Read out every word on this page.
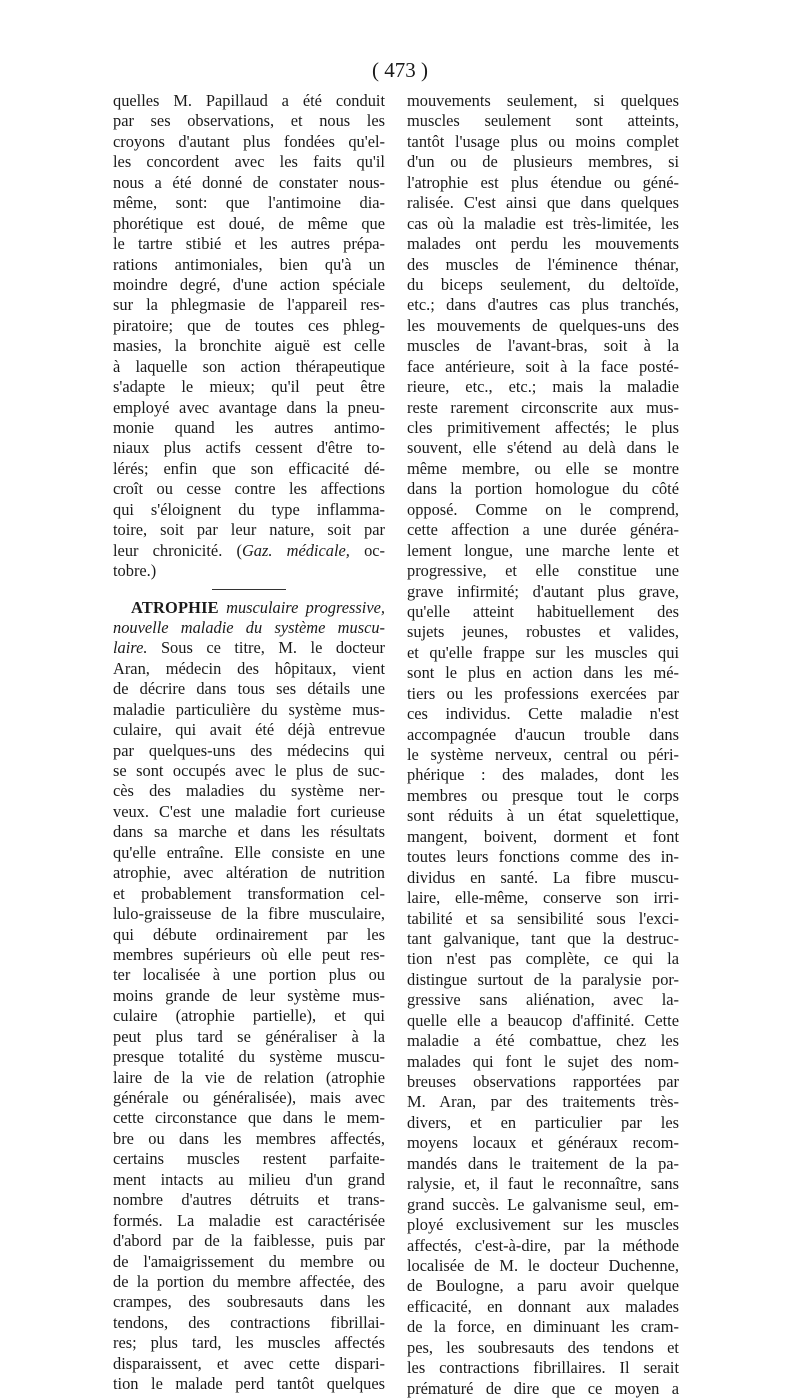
( 473 )
quelles M. Papillaud a été conduit
par ses observations, et nous les
croyons d'autant plus fondées qu'el-
les concordent avec les faits qu'il
nous a été donné de constater nous-
même, sont: que l'antimoine dia-
phorétique est doué, de même que
le tartre stibié et les autres prépa-
rations antimoniales, bien qu'à un
moindre degré, d'une action spéciale
sur la phlegmasie de l'appareil res-
piratoire; que de toutes ces phleg-
masies, la bronchite aiguë est celle
à laquelle son action thérapeutique
s'adapte le mieux; qu'il peut être
employé avec avantage dans la pneu-
monie quand les autres antimo-
niaux plus actifs cessent d'être to-
lérés; enfin que son efficacité dé-
croît ou cesse contre les affections
qui s'éloignent du type inflamma-
toire, soit par leur nature, soit par
leur chronicité. (Gaz. médicale, oc-
tobre.)
ATROPHIE musculaire progressive,
nouvelle maladie du système muscu-
laire. Sous ce titre, M. le docteur
Aran, médecin des hôpitaux, vient
de décrire dans tous ses détails une
maladie particulière du système mus-
culaire, qui avait été déjà entrevue
par quelques-uns des médecins qui
se sont occupés avec le plus de suc-
cès des maladies du système ner-
veux. C'est une maladie fort curieuse
dans sa marche et dans les résultats
qu'elle entraîne. Elle consiste en une
atrophie, avec altération de nutrition
et probablement transformation cel-
lulo-graisseuse de la fibre musculaire,
qui débute ordinairement par les
membres supérieurs où elle peut res-
ter localisée à une portion plus ou
moins grande de leur système mus-
culaire (atrophie partielle), et qui
peut plus tard se généraliser à la
presque totalité du système muscu-
laire de la vie de relation (atrophie
générale ou généralisée), mais avec
cette circonstance que dans le mem-
bre ou dans les membres affectés,
certains muscles restent parfaite-
ment intacts au milieu d'un grand
nombre d'autres détruits et trans-
formés. La maladie est caractérisée
d'abord par de la faiblesse, puis par
de l'amaigrissement du membre ou
de la portion du membre affectée, des
crampes, des soubresauts dans les
tendons, des contractions fibrillai-
res; plus tard, les muscles affectés
disparaissent, et avec cette dispari-
tion le malade perd tantôt quelques
mouvements seulement, si quelques
muscles seulement sont atteints,
tantôt l'usage plus ou moins complet
d'un ou de plusieurs membres, si
l'atrophie est plus étendue ou géné-
ralisée. C'est ainsi que dans quelques
cas où la maladie est très-limitée, les
malades ont perdu les mouvements
des muscles de l'éminence thénar,
du biceps seulement, du deltoïde,
etc.; dans d'autres cas plus tranchés,
les mouvements de quelques-uns des
muscles de l'avant-bras, soit à la
face antérieure, soit à la face posté-
rieure, etc., etc.; mais la maladie
reste rarement circonscrite aux mus-
cles primitivement affectés; le plus
souvent, elle s'étend au delà dans le
même membre, ou elle se montre
dans la portion homologue du côté
opposé. Comme on le comprend,
cette affection a une durée généra-
lement longue, une marche lente et
progressive, et elle constitue une
grave infirmité; d'autant plus grave,
qu'elle atteint habituellement des
sujets jeunes, robustes et valides,
et qu'elle frappe sur les muscles qui
sont le plus en action dans les mé-
tiers ou les professions exercées par
ces individus. Cette maladie n'est
accompagnée d'aucun trouble dans
le système nerveux, central ou péri-
phérique : des malades, dont les
membres ou presque tout le corps
sont réduits à un état squelettique,
mangent, boivent, dorment et font
toutes leurs fonctions comme des in-
dividus en santé. La fibre muscu-
laire, elle-même, conserve son irri-
tabilité et sa sensibilité sous l'exci-
tant galvanique, tant que la destruc-
tion n'est pas complète, ce qui la
distingue surtout de la paralysie por-
gressive sans aliénation, avec la-
quelle elle a beaucop d'affinité. Cette
maladie a été combattue, chez les
malades qui font le sujet des nom-
breuses observations rapportées par
M. Aran, par des traitements très-
divers, et en particulier par les
moyens locaux et généraux recom-
mandés dans le traitement de la pa-
ralysie, et, il faut le reconnaître, sans
grand succès. Le galvanisme seul, em-
ployé exclusivement sur les muscles
affectés, c'est-à-dire, par la méthode
localisée de M. le docteur Duchenne,
de Boulogne, a paru avoir quelque
efficacité, en donnant aux malades
de la force, en diminuant les cram-
pes, les soubresauts des tendons et
les contractions fibrillaires. Il serait
prématuré de dire que ce moyen a
